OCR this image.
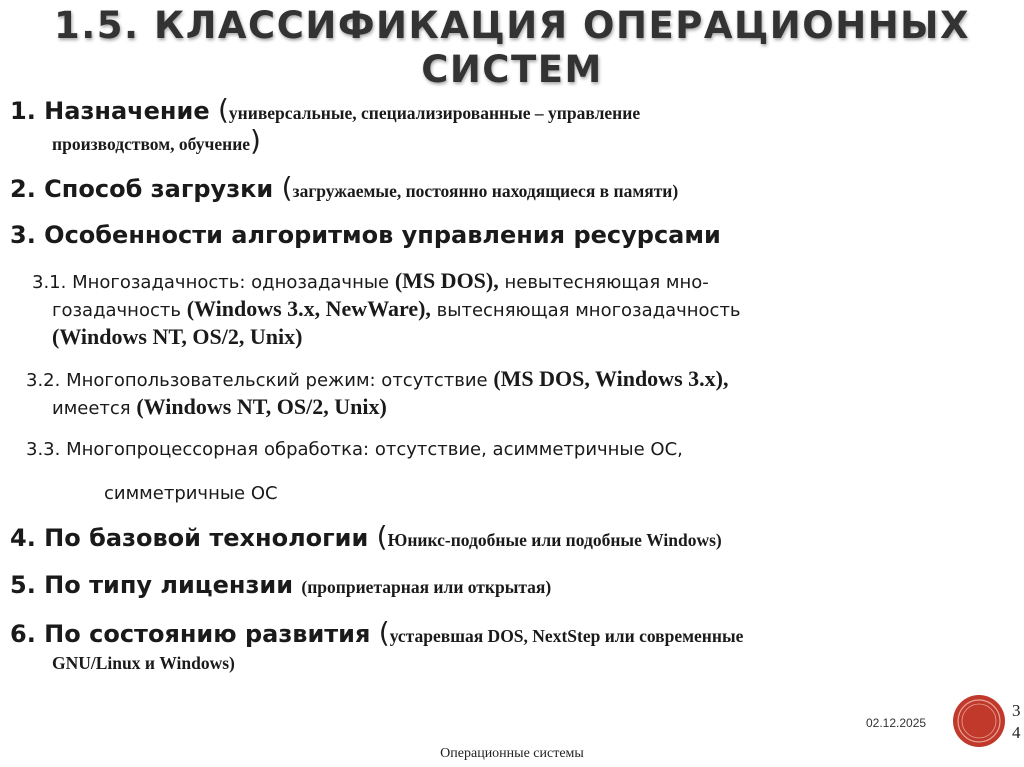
1.5. КЛАССИФИКАЦИЯ ОПЕРАЦИОННЫХ
СИСТЕМ
1. Назначение (универсальные, специализированные – управление
производством, обучение)
2. Способ загрузки (загружаемые, постоянно находящиеся в памяти)
3. Особенности алгоритмов управления ресурсами
3.1. Многозадачность: однозадачные (MS DOS), невытесняющая мно-
гозадачность (Windows 3.x, NewWare), вытесняющая многозадачность
(Windows NT, OS/2, Unix)
3.2. Многопользовательский режим: отсутствие (MS DOS, Windows 3.x),
имеется (Windows NT, OS/2, Unix)
3.3. Многопроцессорная обработка: отсутствие, асимметричные ОС,
симметричные ОС
4. По базовой технологии (Юникс-подобные или подобные Windows)
5. По типу лицензии (проприетарная или открытая)
6. По состоянию развития (устаревшая DOS, NextStep или современные
GNU/Linux и Windows)
02.12.2025
3
4
Операционные системы
